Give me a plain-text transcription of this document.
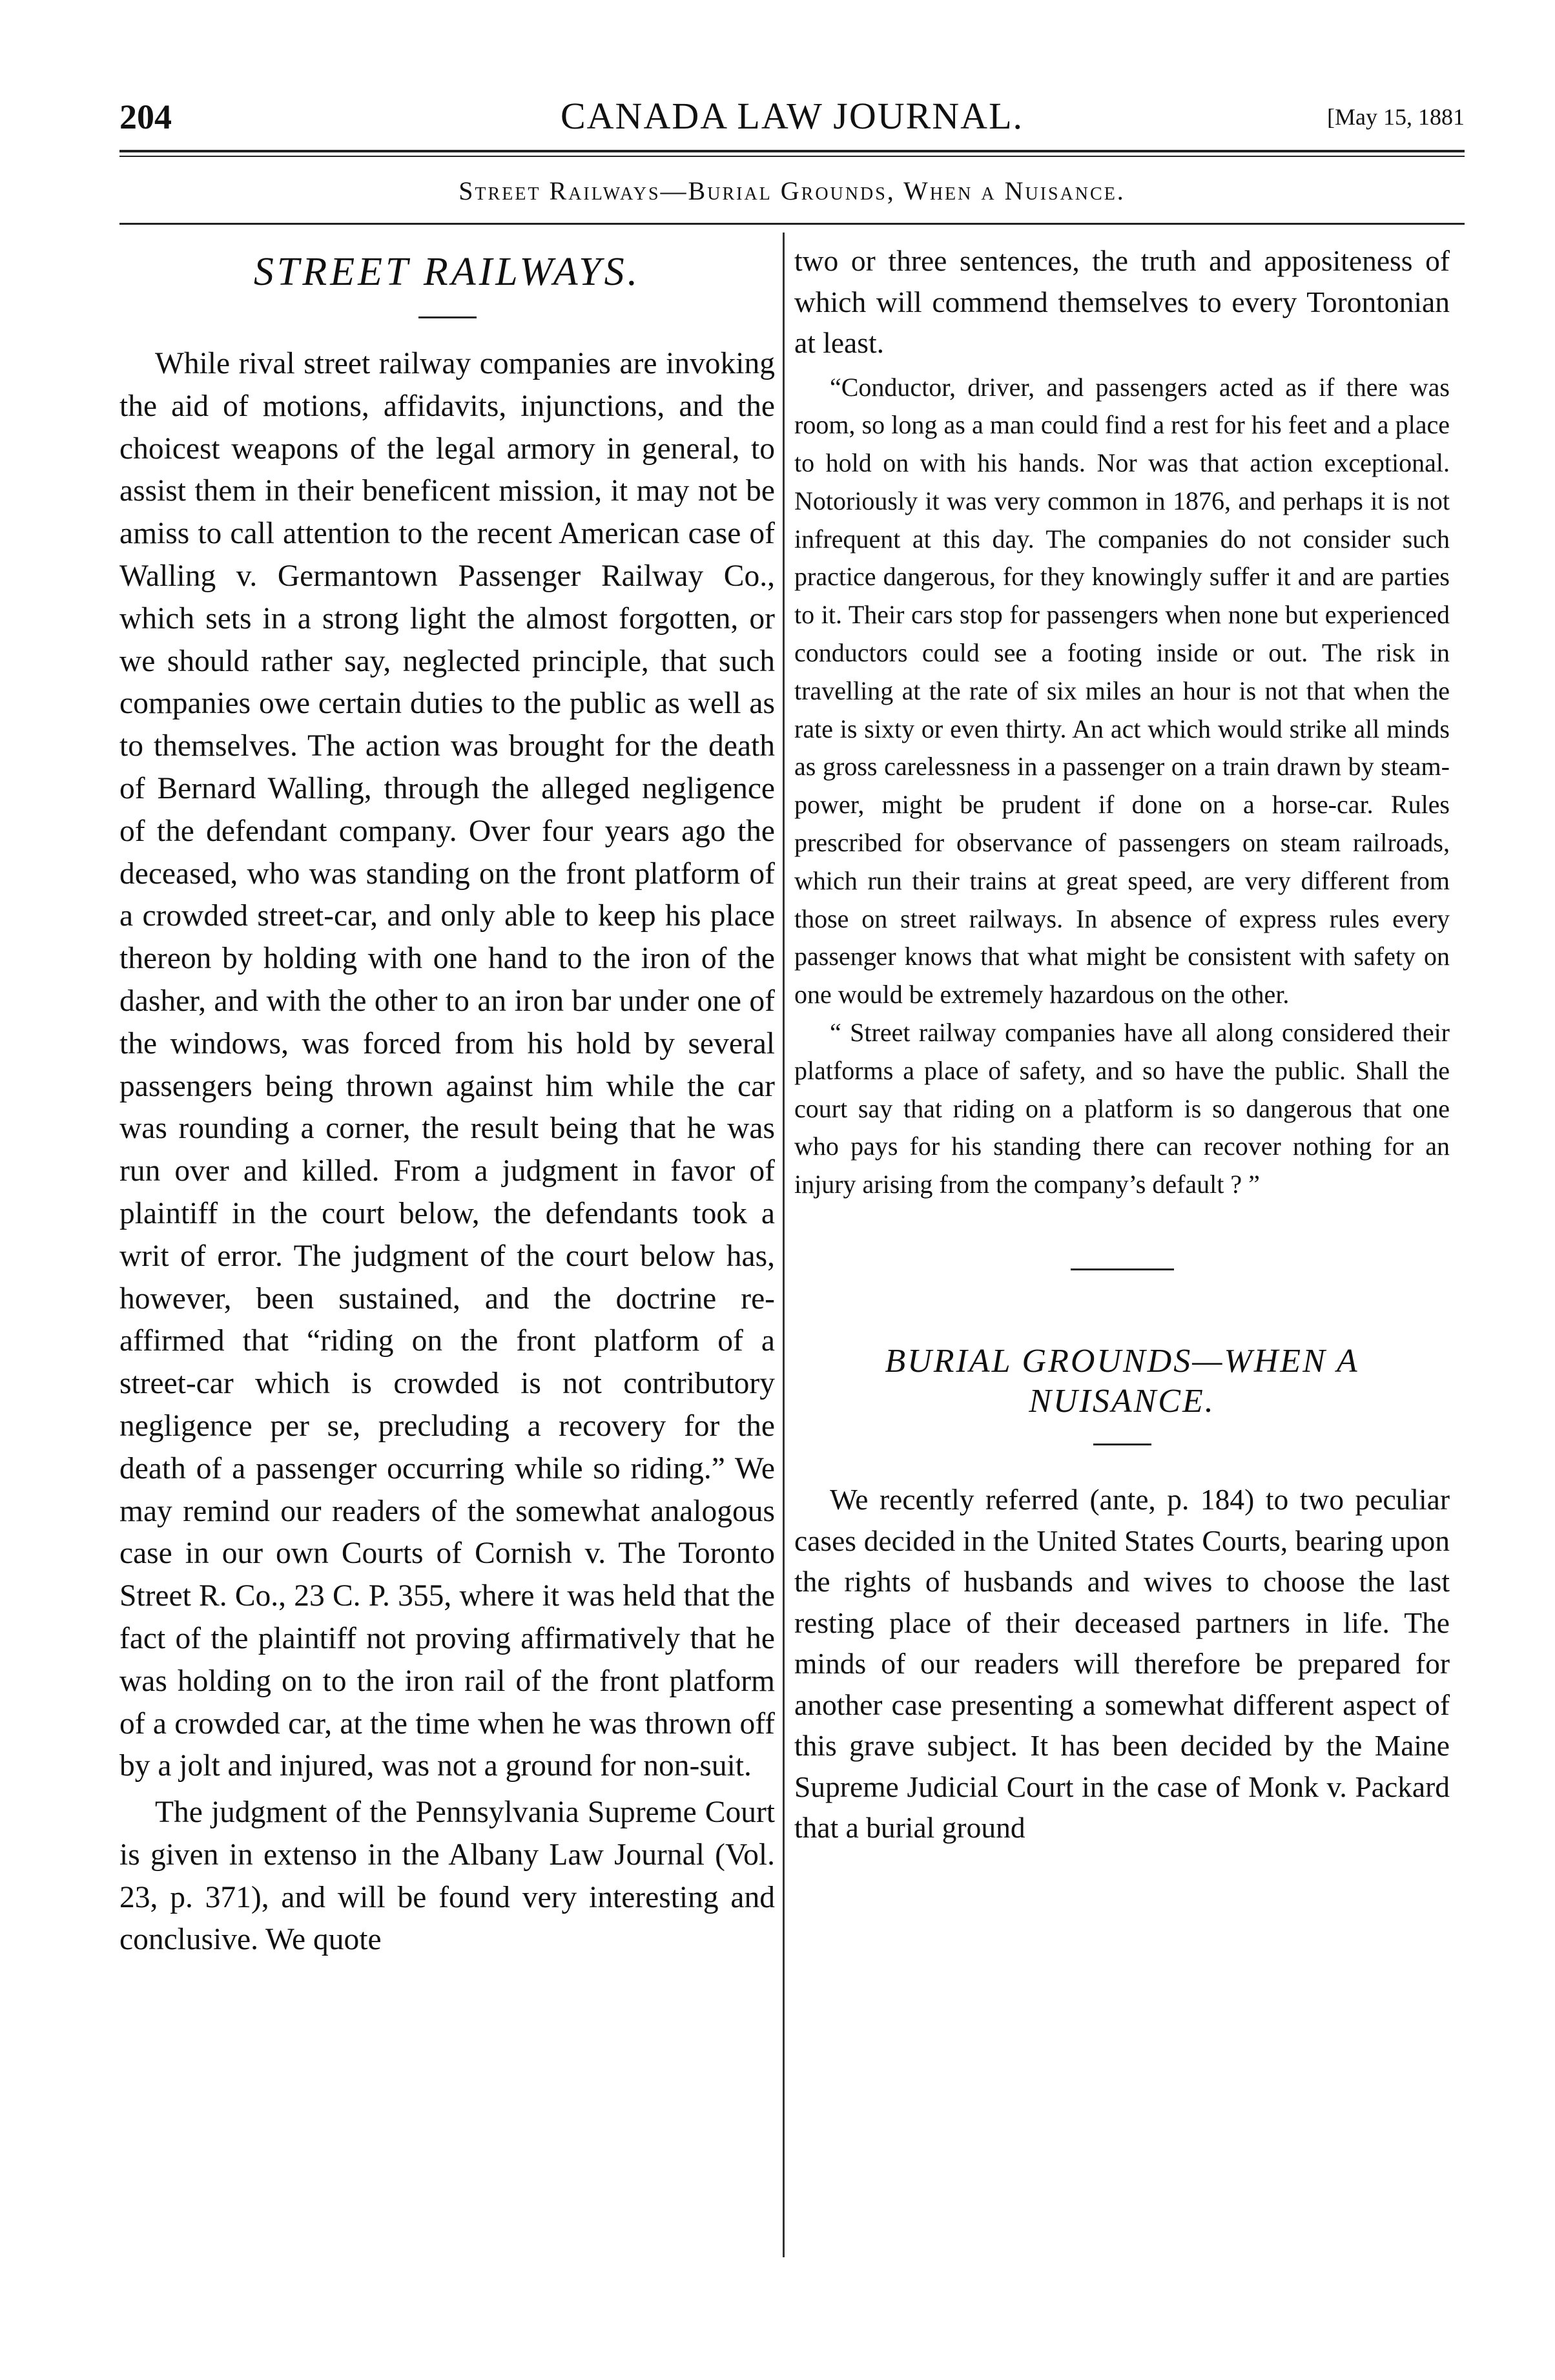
204	CANADA LAW JOURNAL.	[May 15, 1881
Street Railways—Burial Grounds, When a Nuisance.
STREET RAILWAYS.

While rival street railway companies are invoking the aid of motions, affidavits, injunctions, and the choicest weapons of the legal armory in general, to assist them in their beneficent mission, it may not be amiss to call attention to the recent American case of Walling v. Germantown Passenger Railway Co., which sets in a strong light the almost forgotten, or we should rather say, neglected principle, that such companies owe certain duties to the public as well as to themselves. The action was brought for the death of Bernard Walling, through the alleged negligence of the defendant company. Over four years ago the deceased, who was standing on the front platform of a crowded street-car, and only able to keep his place thereon by holding with one hand to the iron of the dasher, and with the other to an iron bar under one of the windows, was forced from his hold by several passengers being thrown against him while the car was rounding a corner, the result being that he was run over and killed. From a judgment in favor of plaintiff in the court below, the defendants took a writ of error. The judgment of the court below has, however, been sustained, and the doctrine re-affirmed that “riding on the front platform of a street-car which is crowded is not contributory negligence per se, precluding a recovery for the death of a passenger occurring while so riding.” We may remind our readers of the somewhat analogous case in our own Courts of Cornish v. The Toronto Street R. Co., 23 C. P. 355, where it was held that the fact of the plaintiff not proving affirmatively that he was holding on to the iron rail of the front platform of a crowded car, at the time when he was thrown off by a jolt and injured, was not a ground for non-suit.

The judgment of the Pennsylvania Supreme Court is given in extenso in the Albany Law Journal (Vol. 23, p. 371), and will be found very interesting and conclusive. We quote

two or three sentences, the truth and appositeness of which will commend themselves to every Torontonian at least.

“Conductor, driver, and passengers acted as if there was room, so long as a man could find a rest for his feet and a place to hold on with his hands. Nor was that action exceptional. Notoriously it was very common in 1876, and perhaps it is not infrequent at this day. The companies do not consider such practice dangerous, for they knowingly suffer it and are parties to it. Their cars stop for passengers when none but experienced conductors could see a footing inside or out. The risk in travelling at the rate of six miles an hour is not that when the rate is sixty or even thirty. An act which would strike all minds as gross carelessness in a passenger on a train drawn by steam-power, might be prudent if done on a horse-car. Rules prescribed for observance of passengers on steam railroads, which run their trains at great speed, are very different from those on street railways. In absence of express rules every passenger knows that what might be consistent with safety on one would be extremely hazardous on the other.

“ Street railway companies have all along considered their platforms a place of safety, and so have the public. Shall the court say that riding on a platform is so dangerous that one who pays for his standing there can recover nothing for an injury arising from the company’s default ? ”

BURIAL GROUNDS—WHEN A
NUISANCE.

We recently referred (ante, p. 184) to two peculiar cases decided in the United States Courts, bearing upon the rights of husbands and wives to choose the last resting place of their deceased partners in life. The minds of our readers will therefore be prepared for another case presenting a somewhat different aspect of this grave subject. It has been decided by the Maine Supreme Judicial Court in the case of Monk v. Packard that a burial ground
